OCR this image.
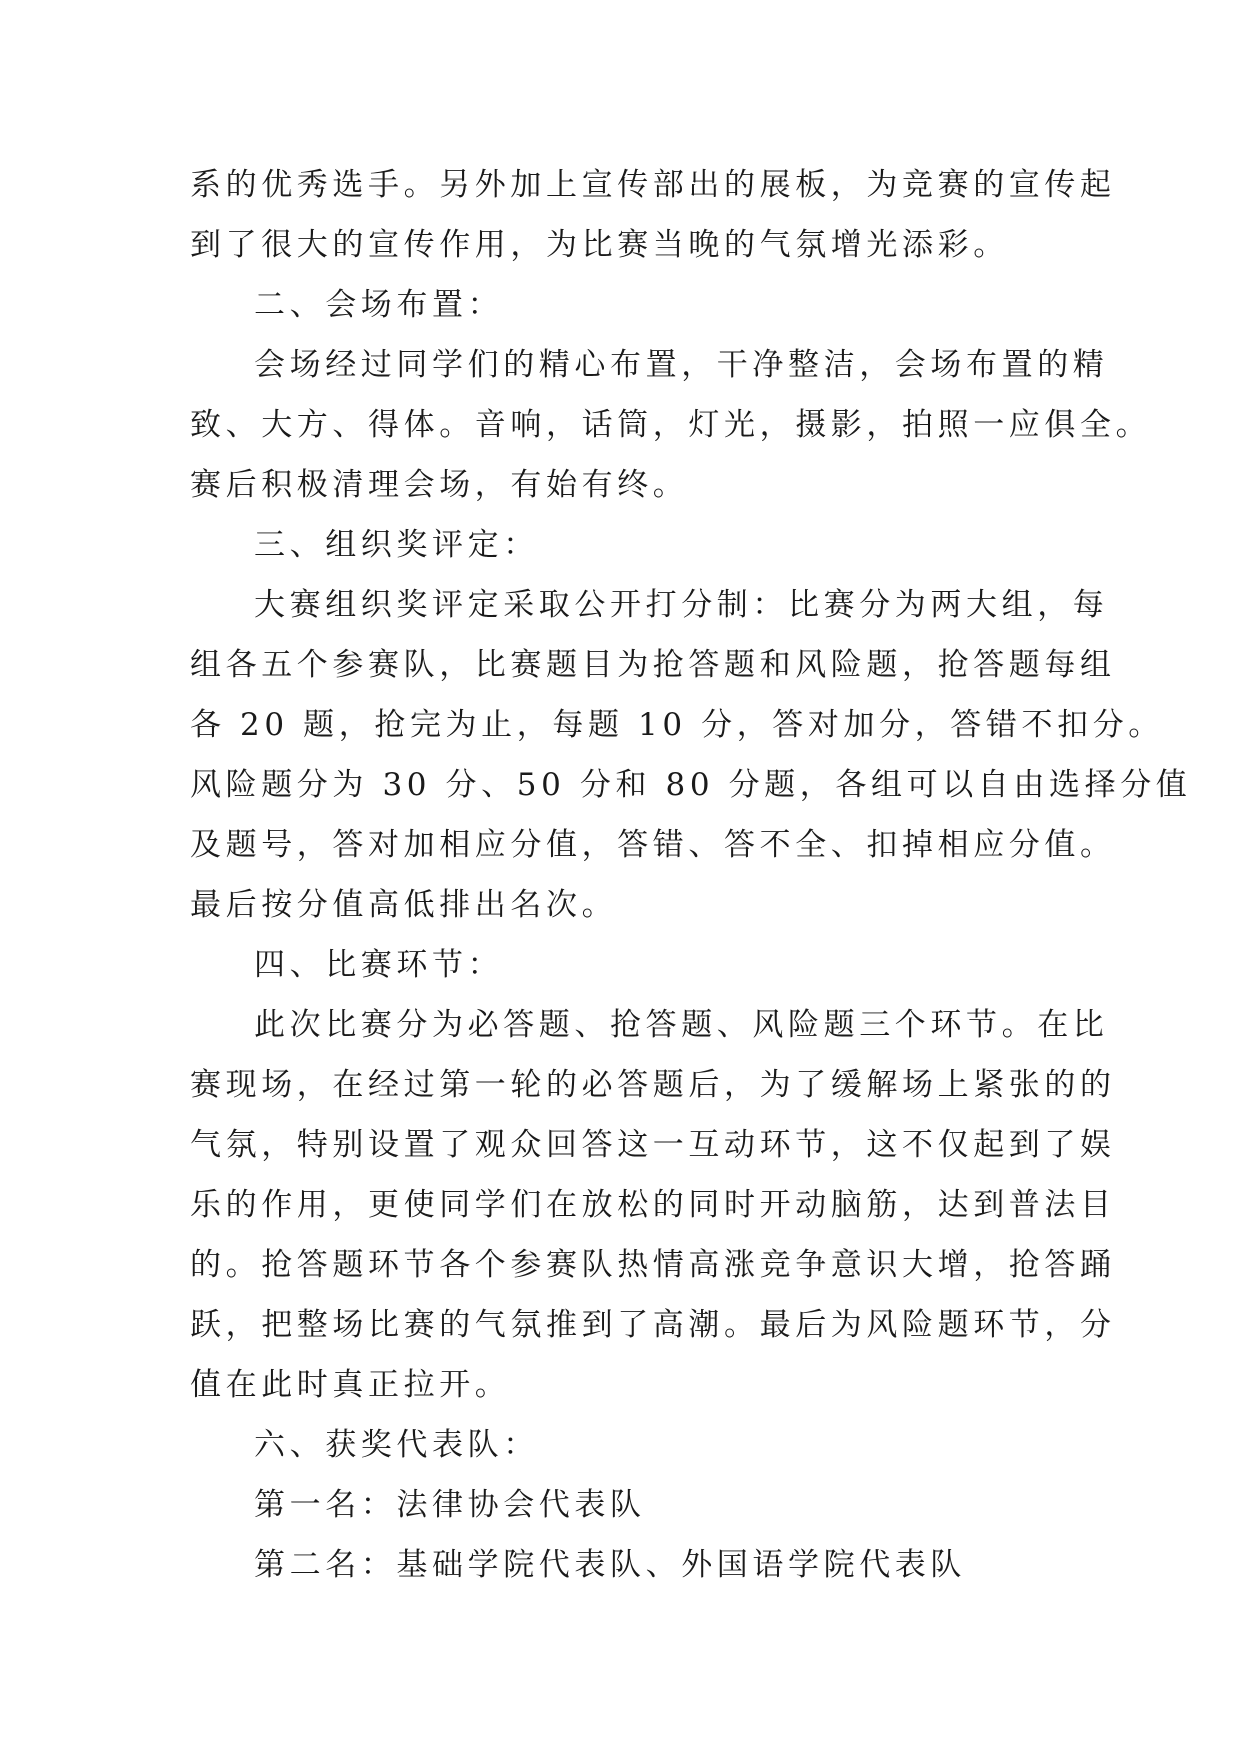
系的优秀选手。另外加上宣传部出的展板，为竞赛的宣传起
到了很大的宣传作用，为比赛当晚的气氛增光添彩。
二、会场布置：
会场经过同学们的精心布置，干净整洁，会场布置的精
致、大方、得体。音响，话筒，灯光，摄影，拍照一应俱全。
赛后积极清理会场，有始有终。
三、组织奖评定：
大赛组织奖评定采取公开打分制：比赛分为两大组，每
组各五个参赛队，比赛题目为抢答题和风险题，抢答题每组
各 20 题，抢完为止，每题 10 分，答对加分，答错不扣分。
风险题分为 30 分、50 分和 80 分题，各组可以自由选择分值
及题号，答对加相应分值，答错、答不全、扣掉相应分值。
最后按分值高低排出名次。
四、比赛环节：
此次比赛分为必答题、抢答题、风险题三个环节。在比
赛现场，在经过第一轮的必答题后，为了缓解场上紧张的的
气氛，特别设置了观众回答这一互动环节，这不仅起到了娱
乐的作用，更使同学们在放松的同时开动脑筋，达到普法目
的。抢答题环节各个参赛队热情高涨竞争意识大增，抢答踊
跃，把整场比赛的气氛推到了高潮。最后为风险题环节，分
值在此时真正拉开。
六、获奖代表队：
第一名：法律协会代表队
第二名：基础学院代表队、外国语学院代表队
